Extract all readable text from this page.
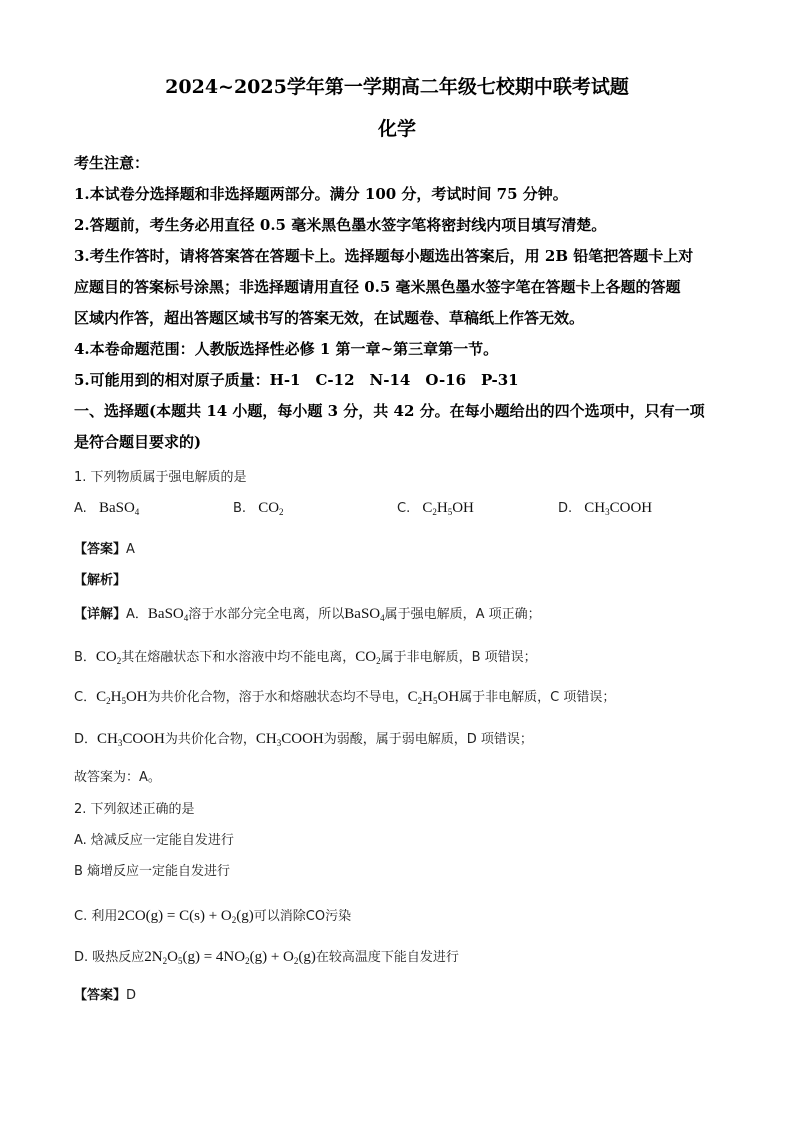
2024~2025学年第一学期高二年级七校期中联考试题
化学
考生注意：
1.本试卷分选择题和非选择题两部分。满分 100 分，考试时间 75 分钟。
2.答题前，考生务必用直径 0.5 毫米黑色墨水签字笔将密封线内项目填写清楚。
3.考生作答时，请将答案答在答题卡上。选择题每小题选出答案后，用 2B 铅笔把答题卡上对
应题目的答案标号涂黑；非选择题请用直径 0.5 毫米黑色墨水签字笔在答题卡上各题的答题
区域内作答，超出答题区域书写的答案无效，在试题卷、草稿纸上作答无效。
4.本卷命题范围：人教版选择性必修 1 第一章~第三章第一节。
5.可能用到的相对原子质量：H-1　C-12　N-14　O-16　P-31
一、选择题(本题共 14 小题，每小题 3 分，共 42 分。在每小题给出的四个选项中，只有一项
是符合题目要求的)
1. 下列物质属于强电解质的是
A. BaSO$_4$	B. $CO_2$	C. $C_2H_5OH$	D. $CH_3COOH$
【答案】A
【解析】
【详解】A．BaSO$_4$溶于水部分完全电离，所以BaSO$_4$属于强电解质，A 项正确；
B．$CO_2$其在熔融状态下和水溶液中均不能电离，$CO_2$属于非电解质，B 项错误；
C．$C_2H_5OH$为共价化合物，溶于水和熔融状态均不导电，$C_2H_5OH$属于非电解质，C 项错误；
D．$CH_3COOH$为共价化合物，$CH_3COOH$为弱酸，属于弱电解质，D 项错误；
故答案为：A。
2. 下列叙述正确的是
A. 焓减反应一定能自发进行
B 熵增反应一定能自发进行
C. 利用$2CO(g) = C(s) + O_2(g)$可以消除CO污染
D. 吸热反应$2N_2O_5(g) = 4NO_2(g) + O_2(g)$在较高温度下能自发进行
【答案】D
